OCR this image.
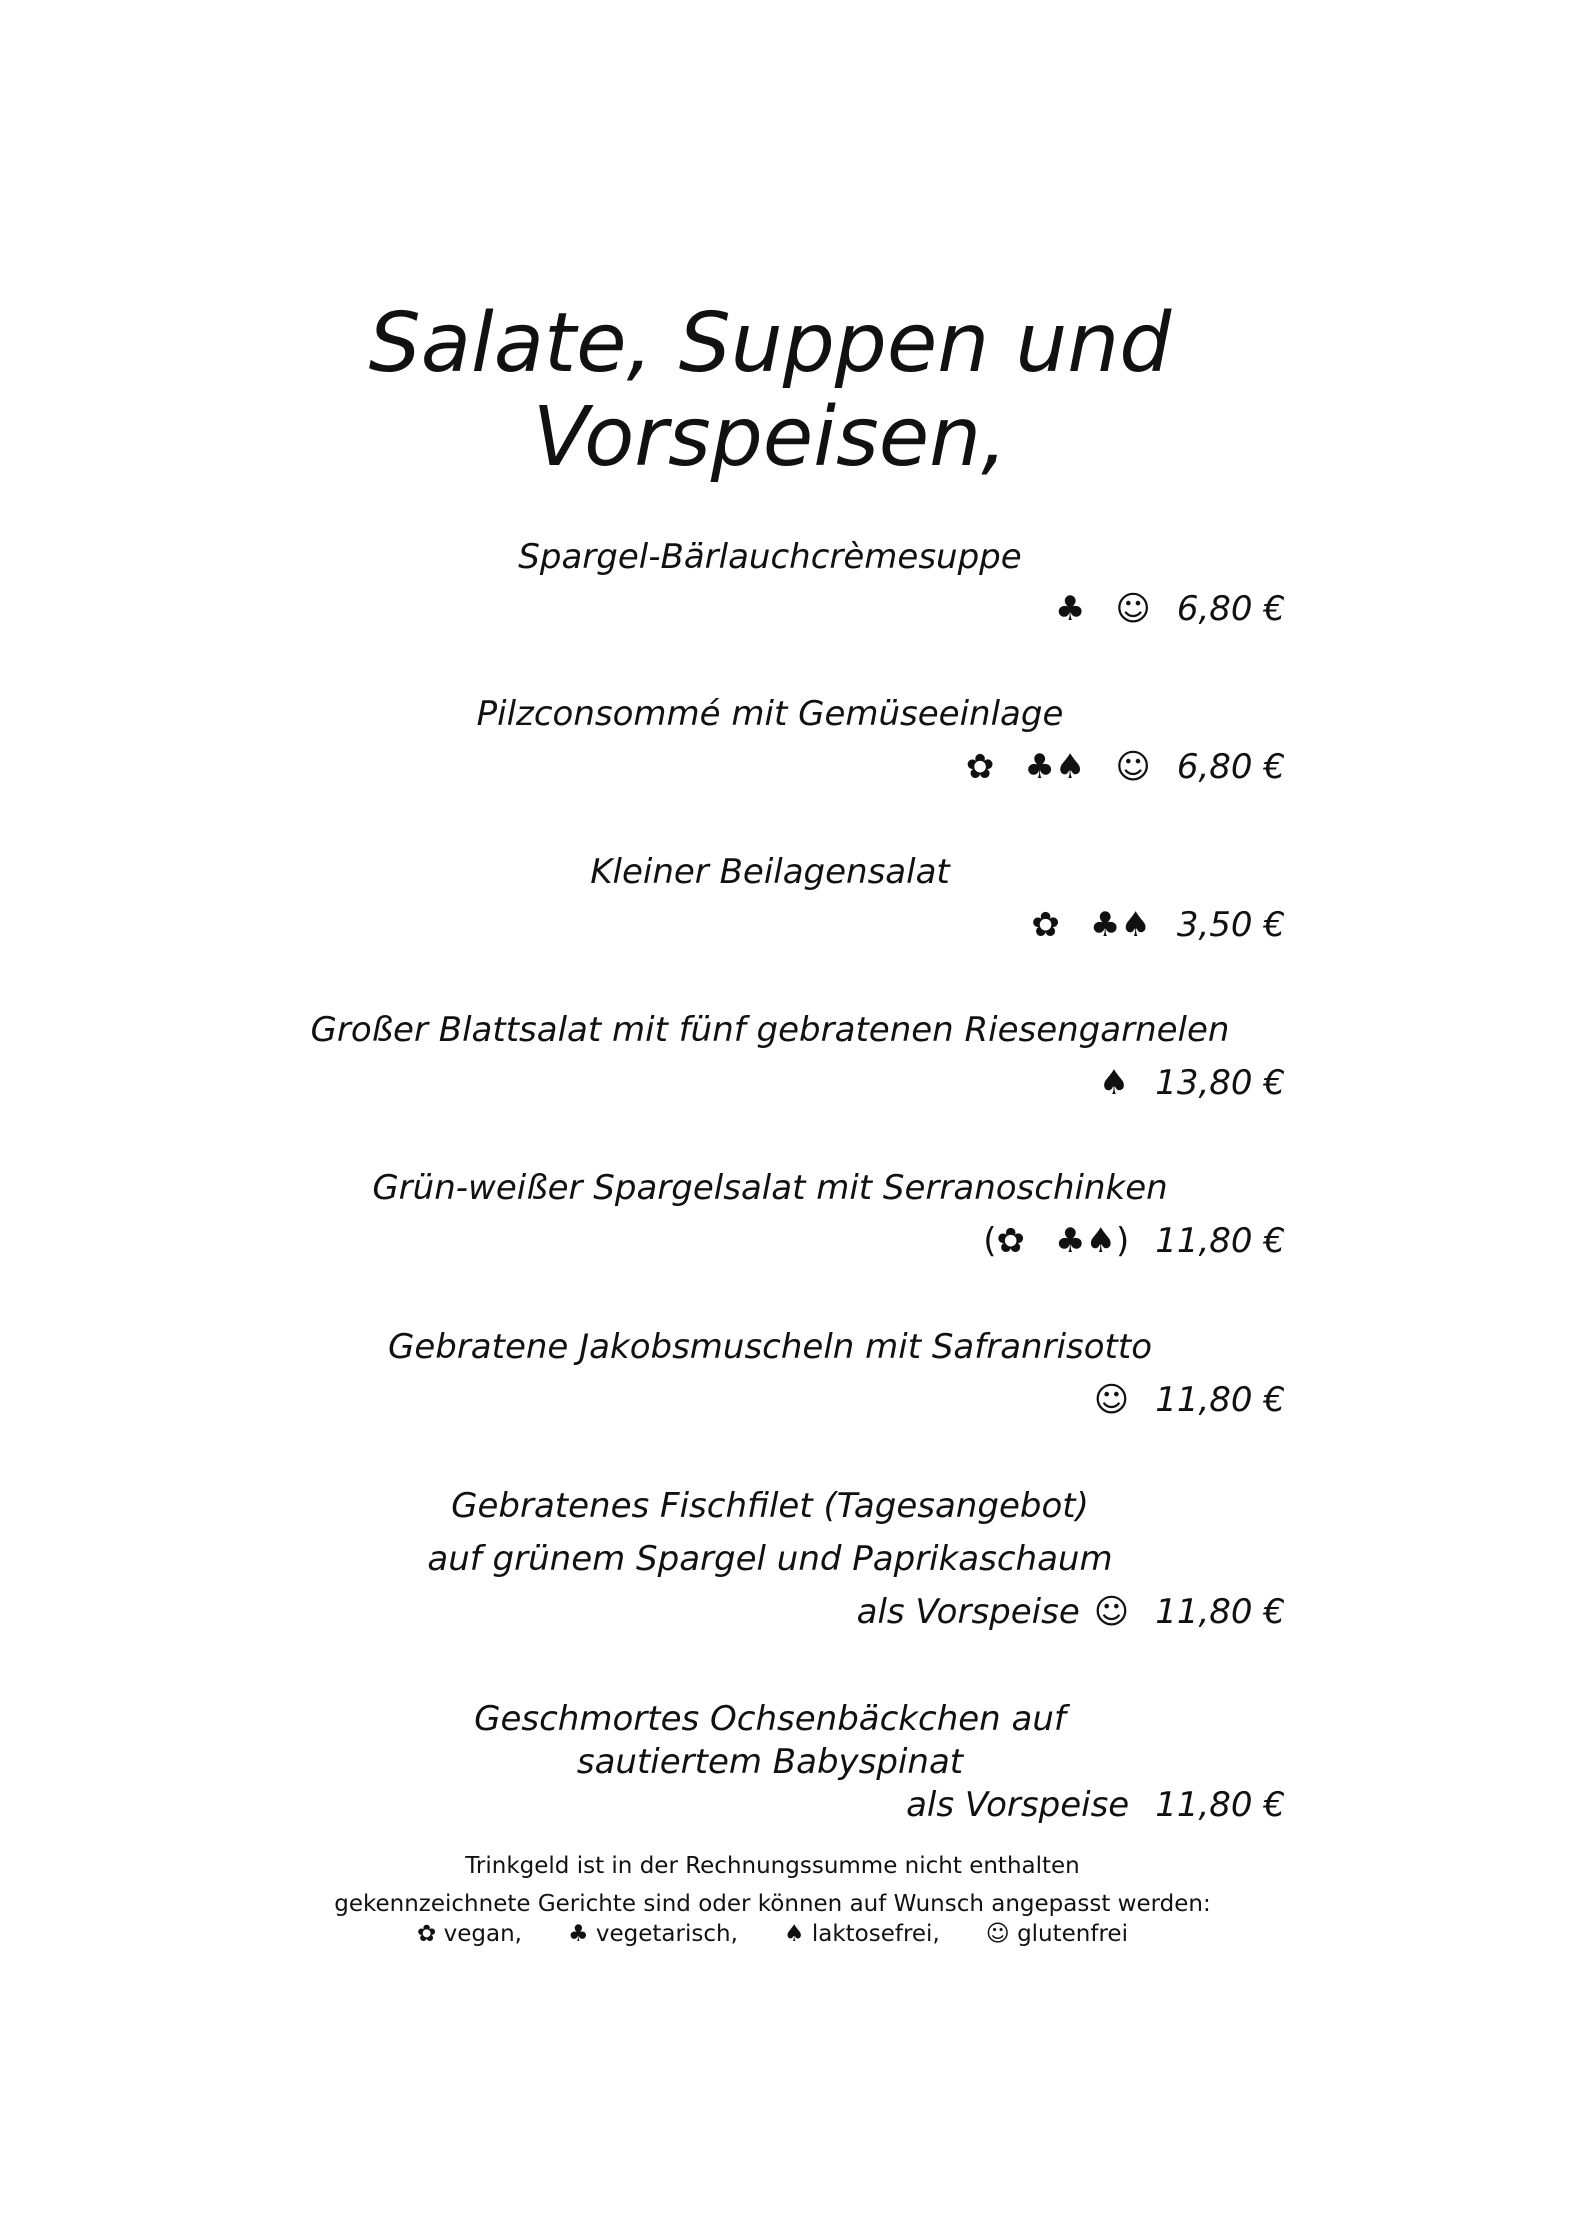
Salate, Suppen und
Vorspeisen,
Spargel-Bärlauchcrèmesuppe
♣ ☺ 6,80 €
Pilzconsommé mit Gemüseeinlage
✿ ♣♠ ☺ 6,80 €
Kleiner Beilagensalat
✿ ♣♠ 3,50 €
Großer Blattsalat mit fünf gebratenen Riesengarnelen
♠ 13,80 €
Grün-weißer Spargelsalat mit Serranoschinken
(✿ ♣♠) 11,80 €
Gebratene Jakobsmuscheln mit Safranrisotto
☺ 11,80 €
Gebratenes Fischfilet (Tagesangebot)
auf grünem Spargel und Paprikaschaum
als Vorspeise ☺ 11,80 €
Geschmortes Ochsenbäckchen auf
sautiertem Babyspinat
als Vorspeise 11,80 €
Trinkgeld ist in der Rechnungssumme nicht enthalten
gekennzeichnete Gerichte sind oder können auf Wunsch angepasst werden:
✿ vegan, ♣ vegetarisch, ♠ laktosefrei, ☺ glutenfrei
